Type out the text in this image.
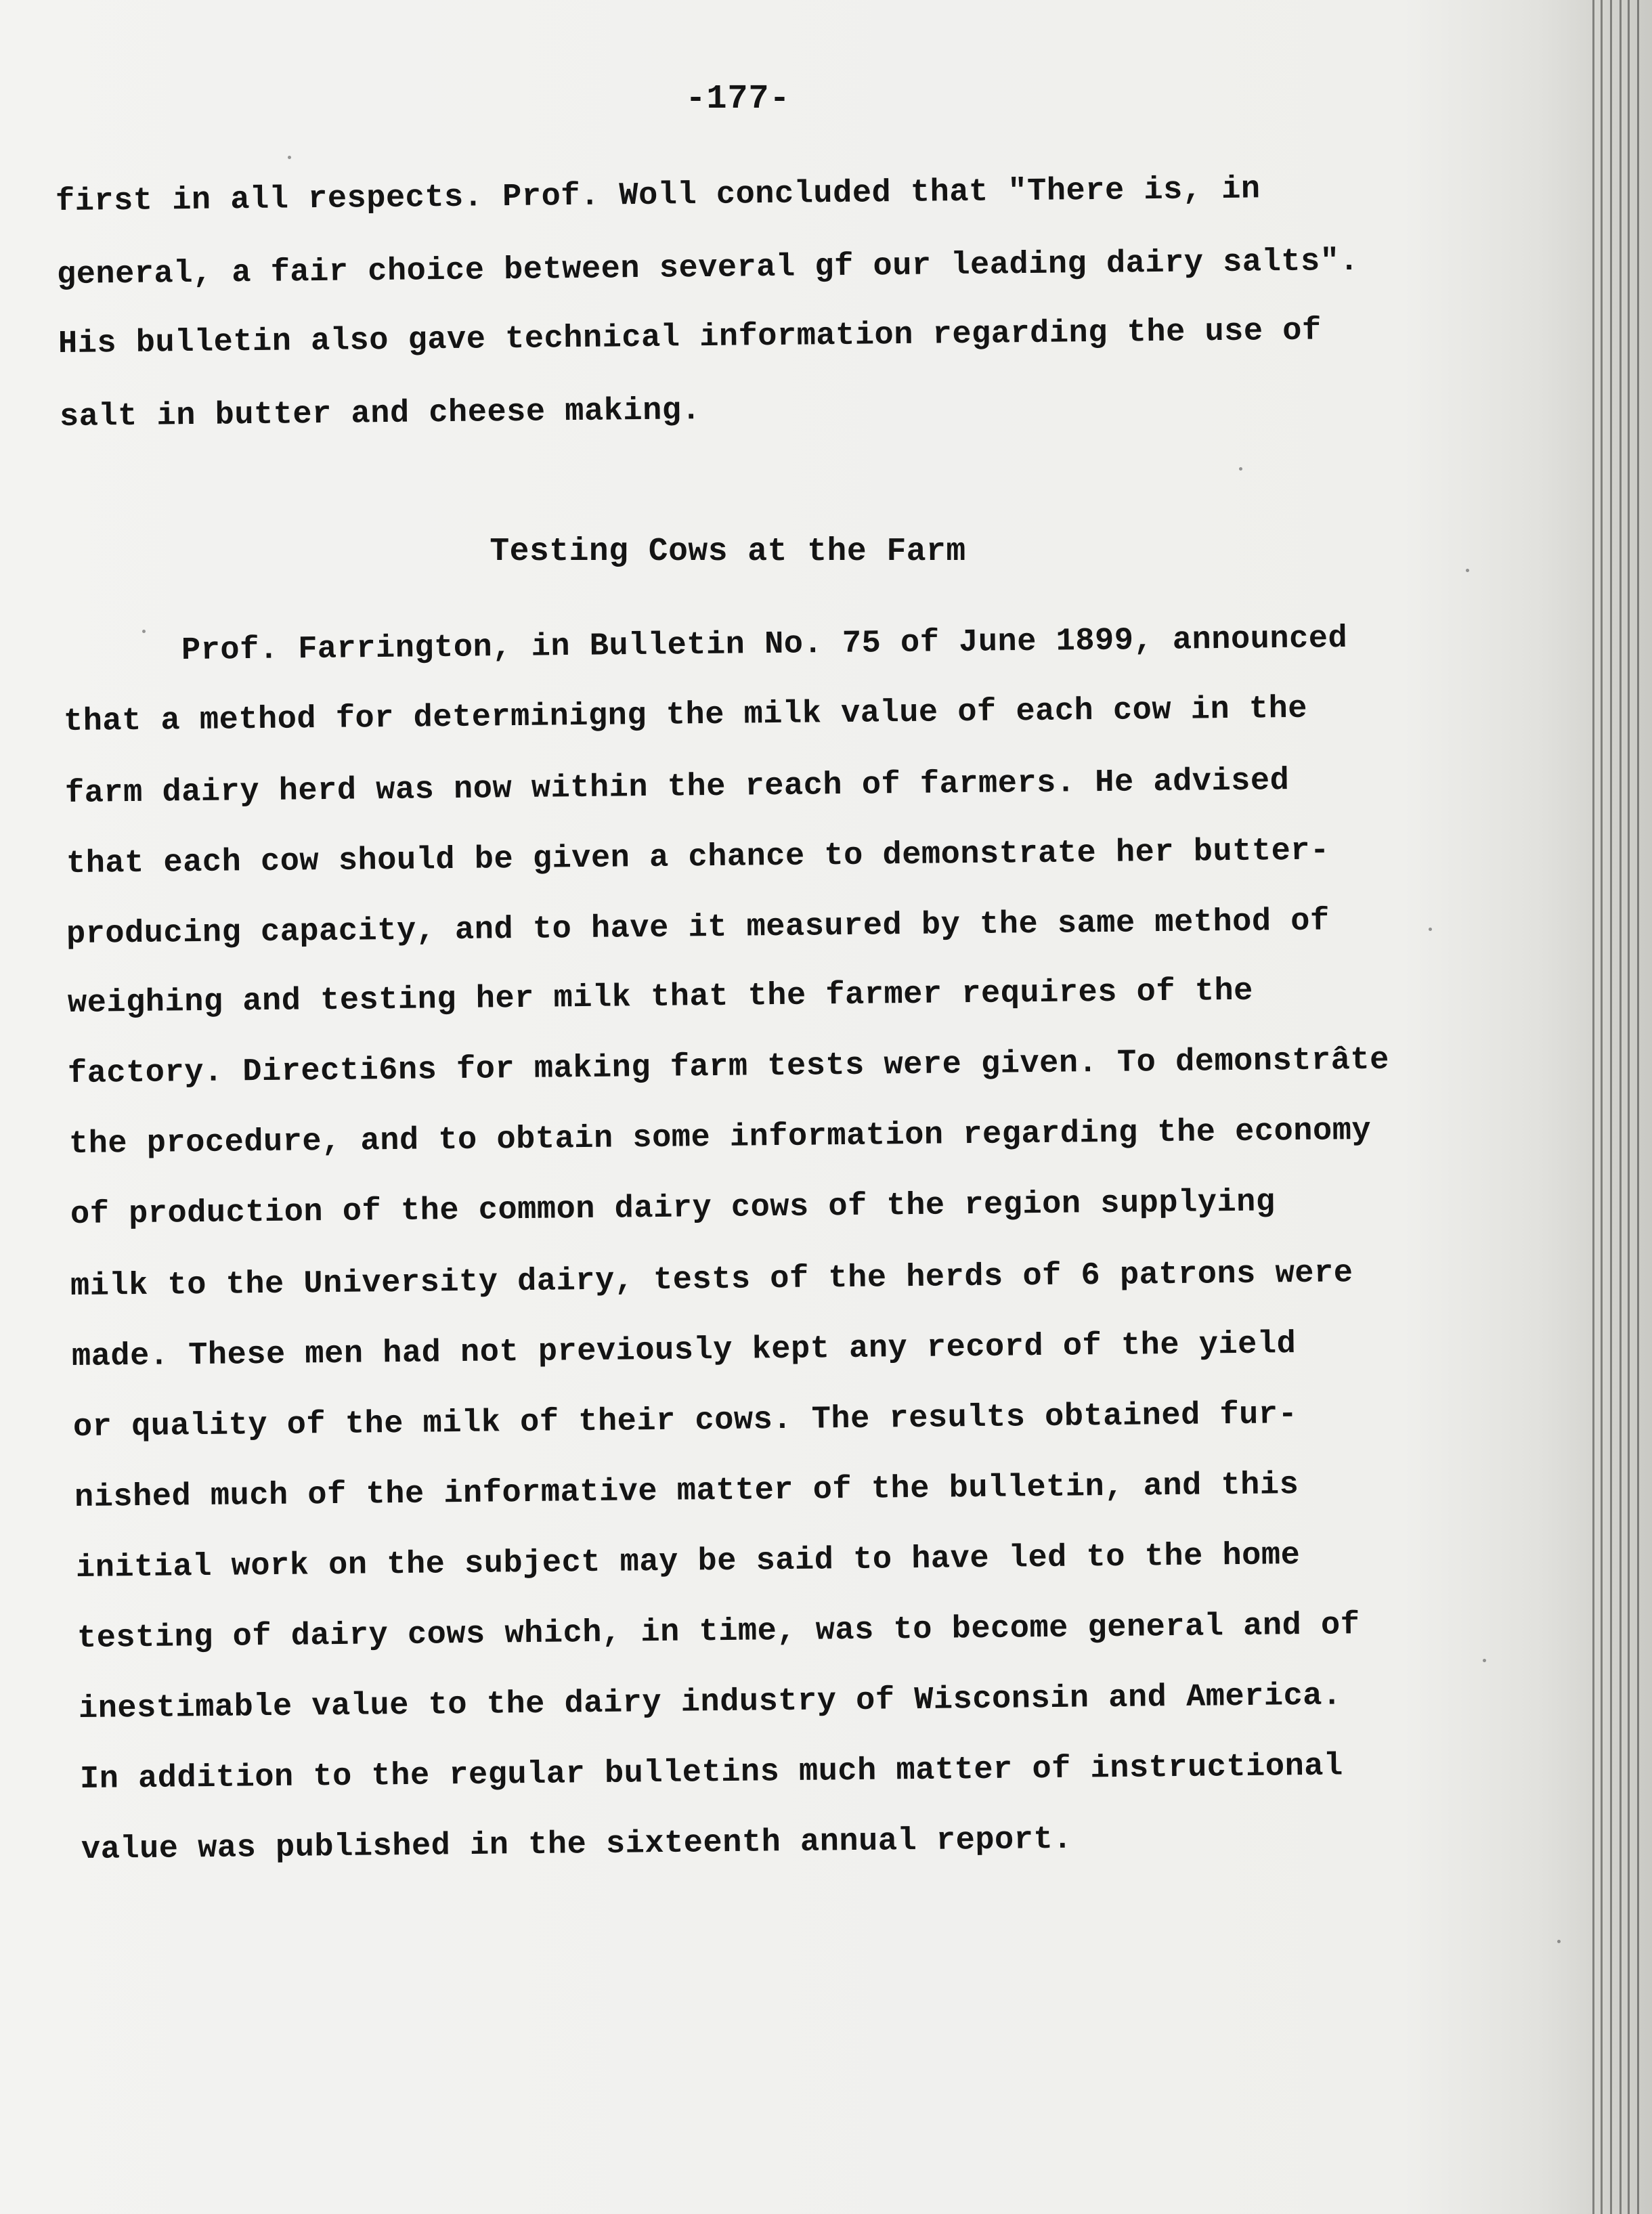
-177-
first in all respects. Prof. Woll concluded that "There is, in
general, a fair choice between several gf our leading dairy salts".
His bulletin also gave technical information regarding the use of
salt in butter and cheese making.
Testing Cows at the Farm
Prof. Farrington, in Bulletin No. 75 of June 1899, announced
that a method for determinigng the milk value of each cow in the
farm dairy herd was now within the reach of farmers. He advised
that each cow should be given a chance to demonstrate her butter-
producing capacity, and to have it measured by the same method of
weighing and testing her milk that the farmer requires of the
factory. Directi6ns for making farm tests were given. To demonstrâte
the procedure, and to obtain some information regarding the economy
of production of the common dairy cows of the region supplying
milk to the University dairy, tests of the herds of 6 patrons were
made. These men had not previously kept any record of the yield
or quality of the milk of their cows. The results obtained fur-
nished much of the informative matter of the bulletin, and this
initial work on the subject may be said to have led to the home
testing of dairy cows which, in time, was to become general and of
inestimable value to the dairy industry of Wisconsin and America.
In addition to the regular bulletins much matter of instructional
value was published in the sixteenth annual report.
